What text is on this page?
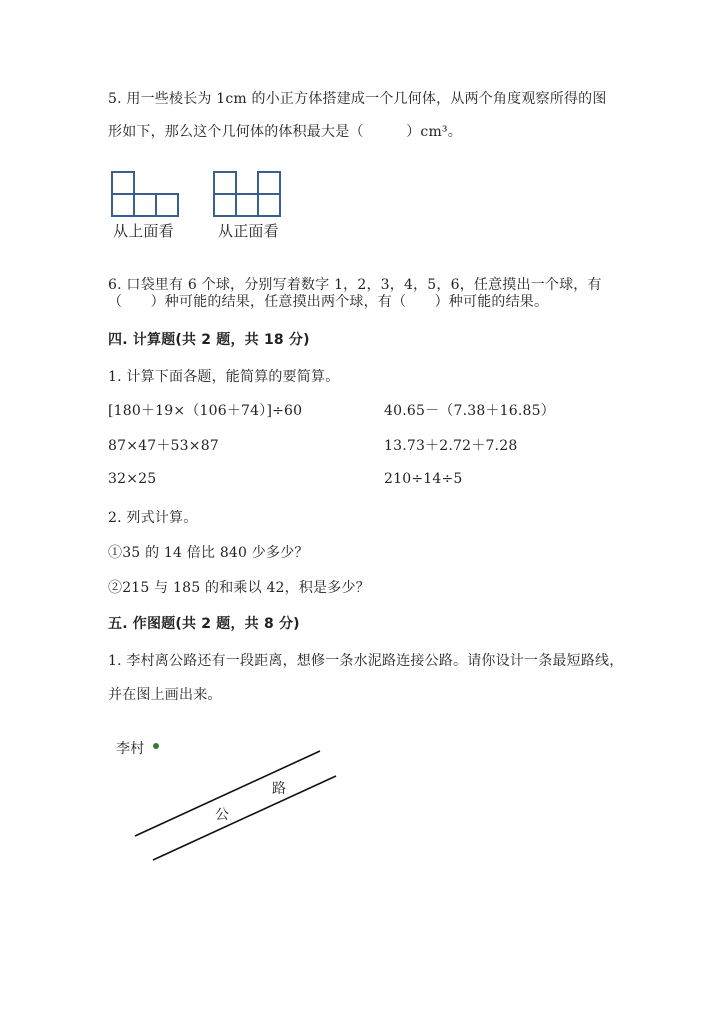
5. 用一些棱长为 1cm 的小正方体搭建成一个几何体，从两个角度观察所得的图
形如下，那么这个几何体的体积最大是（　　　）cm³。
从上面看	从正面看
6. 口袋里有 6 个球，分别写着数字 1，2，3，4，5，6，任意摸出一个球，有
（　　）种可能的结果，任意摸出两个球，有（　　）种可能的结果。
四. 计算题(共 2 题，共 18 分)
1. 计算下面各题，能简算的要简算。
[180＋19×（106＋74）]÷60	40.65－（7.38＋16.85）
87×47＋53×87	13.73＋2.72＋7.28
32×25	210÷14÷5
2. 列式计算。
①35 的 14 倍比 840 少多少？
②215 与 185 的和乘以 42，积是多少？
五. 作图题(共 2 题，共 8 分)
1. 李村离公路还有一段距离，想修一条水泥路连接公路。请你设计一条最短路线，
并在图上画出来。
李村
公
路
